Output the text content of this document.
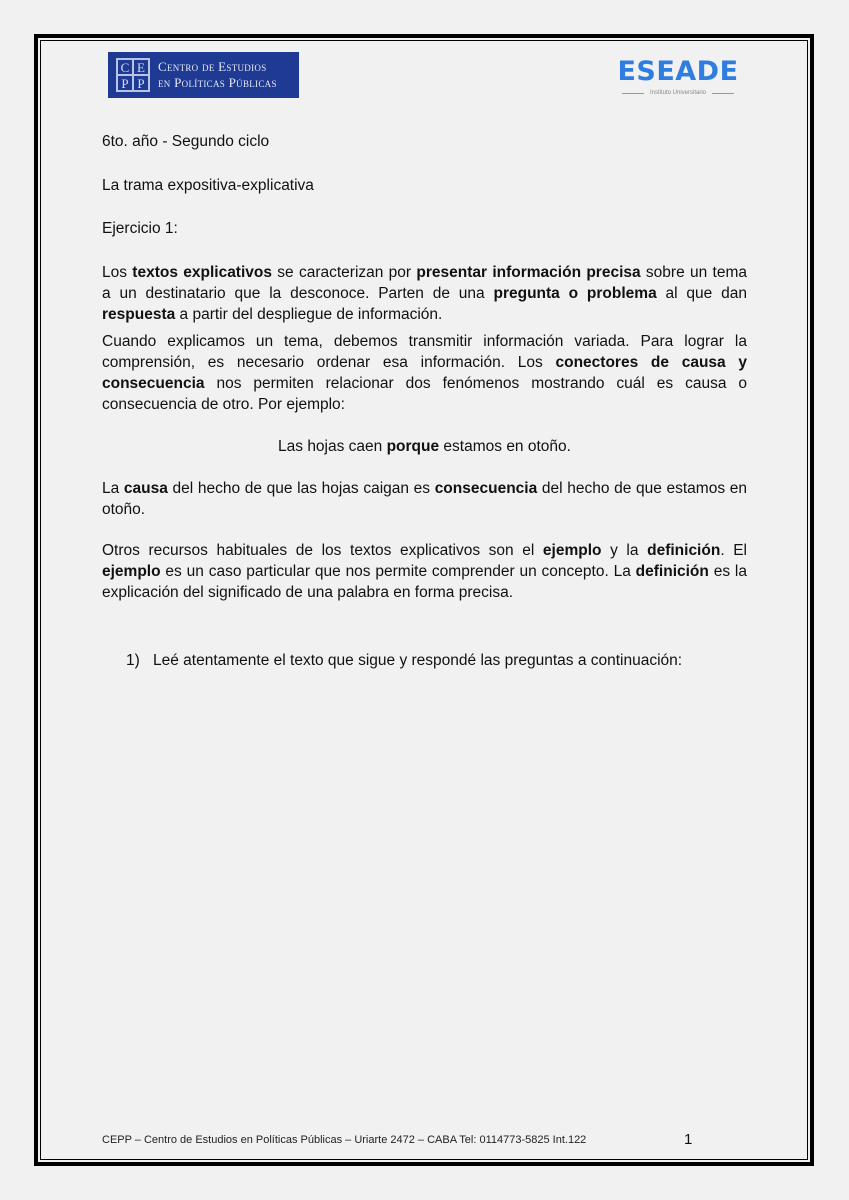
C E
P P
Centro de Estudios
en Políticas Públicas	ESEADE
Instituto Universitario
6to. año - Segundo ciclo
La trama expositiva-explicativa
Ejercicio 1:
Los textos explicativos se caracterizan por presentar información precisa sobre un tema a un destinatario que la desconoce. Parten de una pregunta o problema al que dan respuesta a partir del despliegue de información.
Cuando explicamos un tema, debemos transmitir información variada. Para lograr la comprensión, es necesario ordenar esa información. Los conectores de causa y consecuencia nos permiten relacionar dos fenómenos mostrando cuál es causa o consecuencia de otro. Por ejemplo:
Las hojas caen porque estamos en otoño.
La causa del hecho de que las hojas caigan es consecuencia del hecho de que estamos en otoño.
Otros recursos habituales de los textos explicativos son el ejemplo y la definición. El ejemplo es un caso particular que nos permite comprender un concepto. La definición es la explicación del significado de una palabra en forma precisa.
1) Leé atentamente el texto que sigue y respondé las preguntas a continuación:
CEPP – Centro de Estudios en Políticas Públicas – Uriarte 2472 – CABA Tel: 0114773-5825 Int.122	1
